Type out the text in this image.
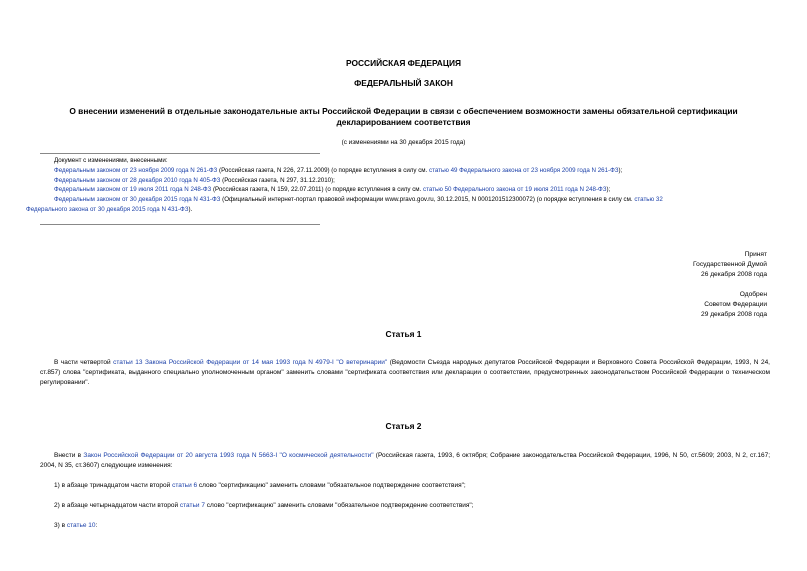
РОССИЙСКАЯ ФЕДЕРАЦИЯ
ФЕДЕРАЛЬНЫЙ ЗАКОН
О внесении изменений в отдельные законодательные акты Российской Федерации в связи с обеспечением возможности замены обязательной сертификации
декларированием соответствия
(с изменениями на 30 декабря 2015 года)
Документ с изменениями, внесенными:
Федеральным законом от 23 ноября 2009 года N 261-ФЗ (Российская газета, N 226, 27.11.2009) (о порядке вступления в силу см. статью 49 Федерального закона от 23 ноября 2009 года N 261-ФЗ);
Федеральным законом от 28 декабря 2010 года N 405-ФЗ (Российская газета, N 297, 31.12.2010);
Федеральным законом от 19 июля 2011 года N 248-ФЗ (Российская газета, N 159, 22.07.2011) (о порядке вступления в силу см. статью 50 Федерального закона от 19 июля 2011 года N 248-ФЗ);
Федеральным законом от 30 декабря 2015 года N 431-ФЗ (Официальный интернет-портал правовой информации www.pravo.gov.ru, 30.12.2015, N 0001201512300072) (о порядке вступления в силу см. статью 32
Федерального закона от 30 декабря 2015 года N 431-ФЗ).
Принят
Государственной Думой
26 декабря 2008 года
Одобрен
Советом Федерации
29 декабря 2008 года
Статья 1
В части четвертой статьи 13 Закона Российской Федерации от 14 мая 1993 года N 4979-I "О ветеринарии" (Ведомости Съезда народных депутатов Российской Федерации и Верховного Совета Российской Федерации, 1993, N 24, ст.857) слова "сертификата, выданного специально уполномоченным органом" заменить словами "сертификата соответствия или декларации о соответствии, предусмотренных законодательством Российской Федерации о техническом регулировании".
Статья 2
Внести в Закон Российской Федерации от 20 августа 1993 года N 5663-I "О космической деятельности" (Российская газета, 1993, 6 октября; Собрание законодательства Российской Федерации, 1996, N 50, ст.5609; 2003, N 2, ст.167; 2004, N 35, ст.3607) следующие изменения:
1) в абзаце тринадцатом части второй статьи 6 слово "сертификацию" заменить словами "обязательное подтверждение соответствия";
2) в абзаце четырнадцатом части второй статьи 7 слово "сертификацию" заменить словами "обязательное подтверждение соответствия";
3) в статье 10:
